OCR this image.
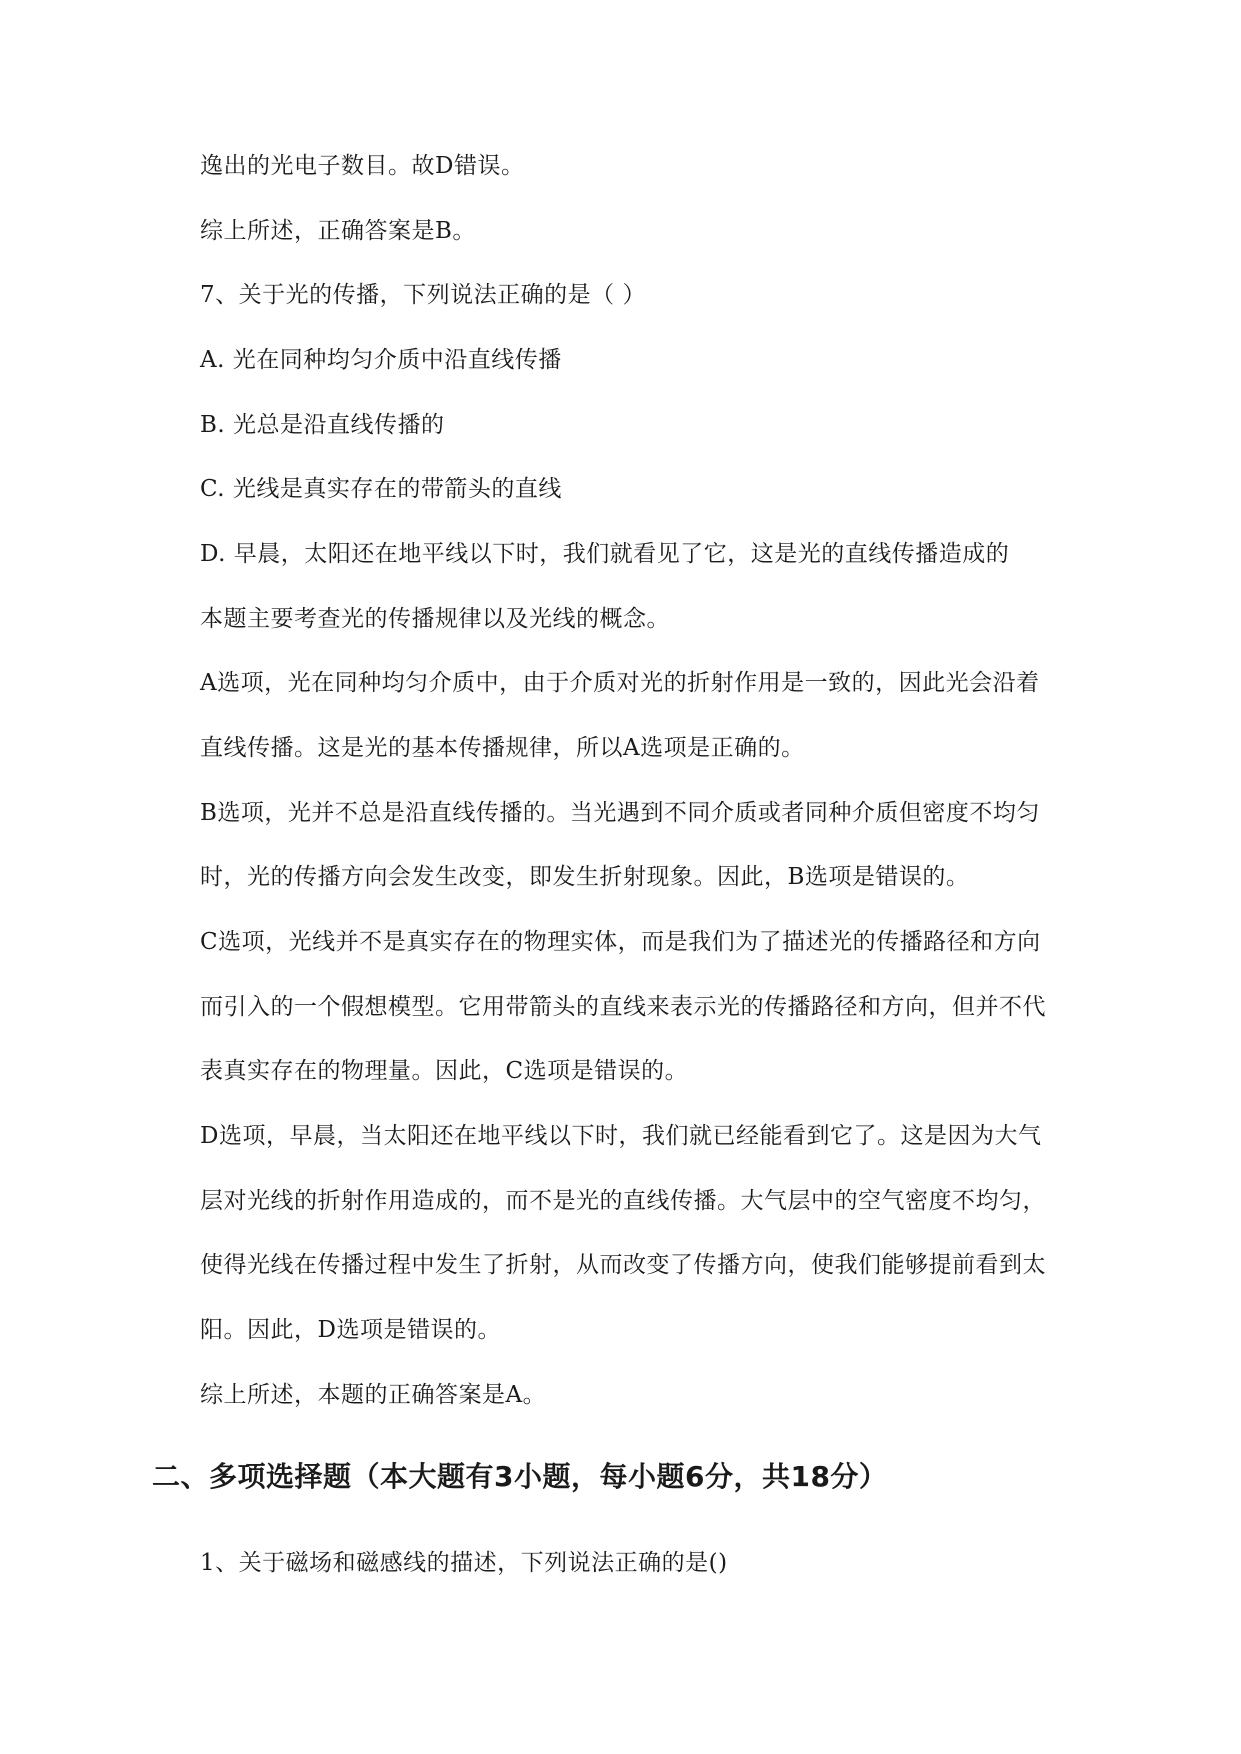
逸出的光电子数目。故D错误。
综上所述，正确答案是B。
7、关于光的传播，下列说法正确的是（ ）
A. 光在同种均匀介质中沿直线传播
B. 光总是沿直线传播的
C. 光线是真实存在的带箭头的直线
D. 早晨，太阳还在地平线以下时，我们就看见了它，这是光的直线传播造成的
本题主要考查光的传播规律以及光线的概念。
A选项，光在同种均匀介质中，由于介质对光的折射作用是一致的，因此光会沿着
直线传播。这是光的基本传播规律，所以A选项是正确的。
B选项，光并不总是沿直线传播的。当光遇到不同介质或者同种介质但密度不均匀
时，光的传播方向会发生改变，即发生折射现象。因此，B选项是错误的。
C选项，光线并不是真实存在的物理实体，而是我们为了描述光的传播路径和方向
而引入的一个假想模型。它用带箭头的直线来表示光的传播路径和方向，但并不代
表真实存在的物理量。因此，C选项是错误的。
D选项，早晨，当太阳还在地平线以下时，我们就已经能看到它了。这是因为大气
层对光线的折射作用造成的，而不是光的直线传播。大气层中的空气密度不均匀，
使得光线在传播过程中发生了折射，从而改变了传播方向，使我们能够提前看到太
阳。因此，D选项是错误的。
综上所述，本题的正确答案是A。
二、多项选择题（本大题有3小题，每小题6分，共18分）
1、关于磁场和磁感线的描述，下列说法正确的是()
